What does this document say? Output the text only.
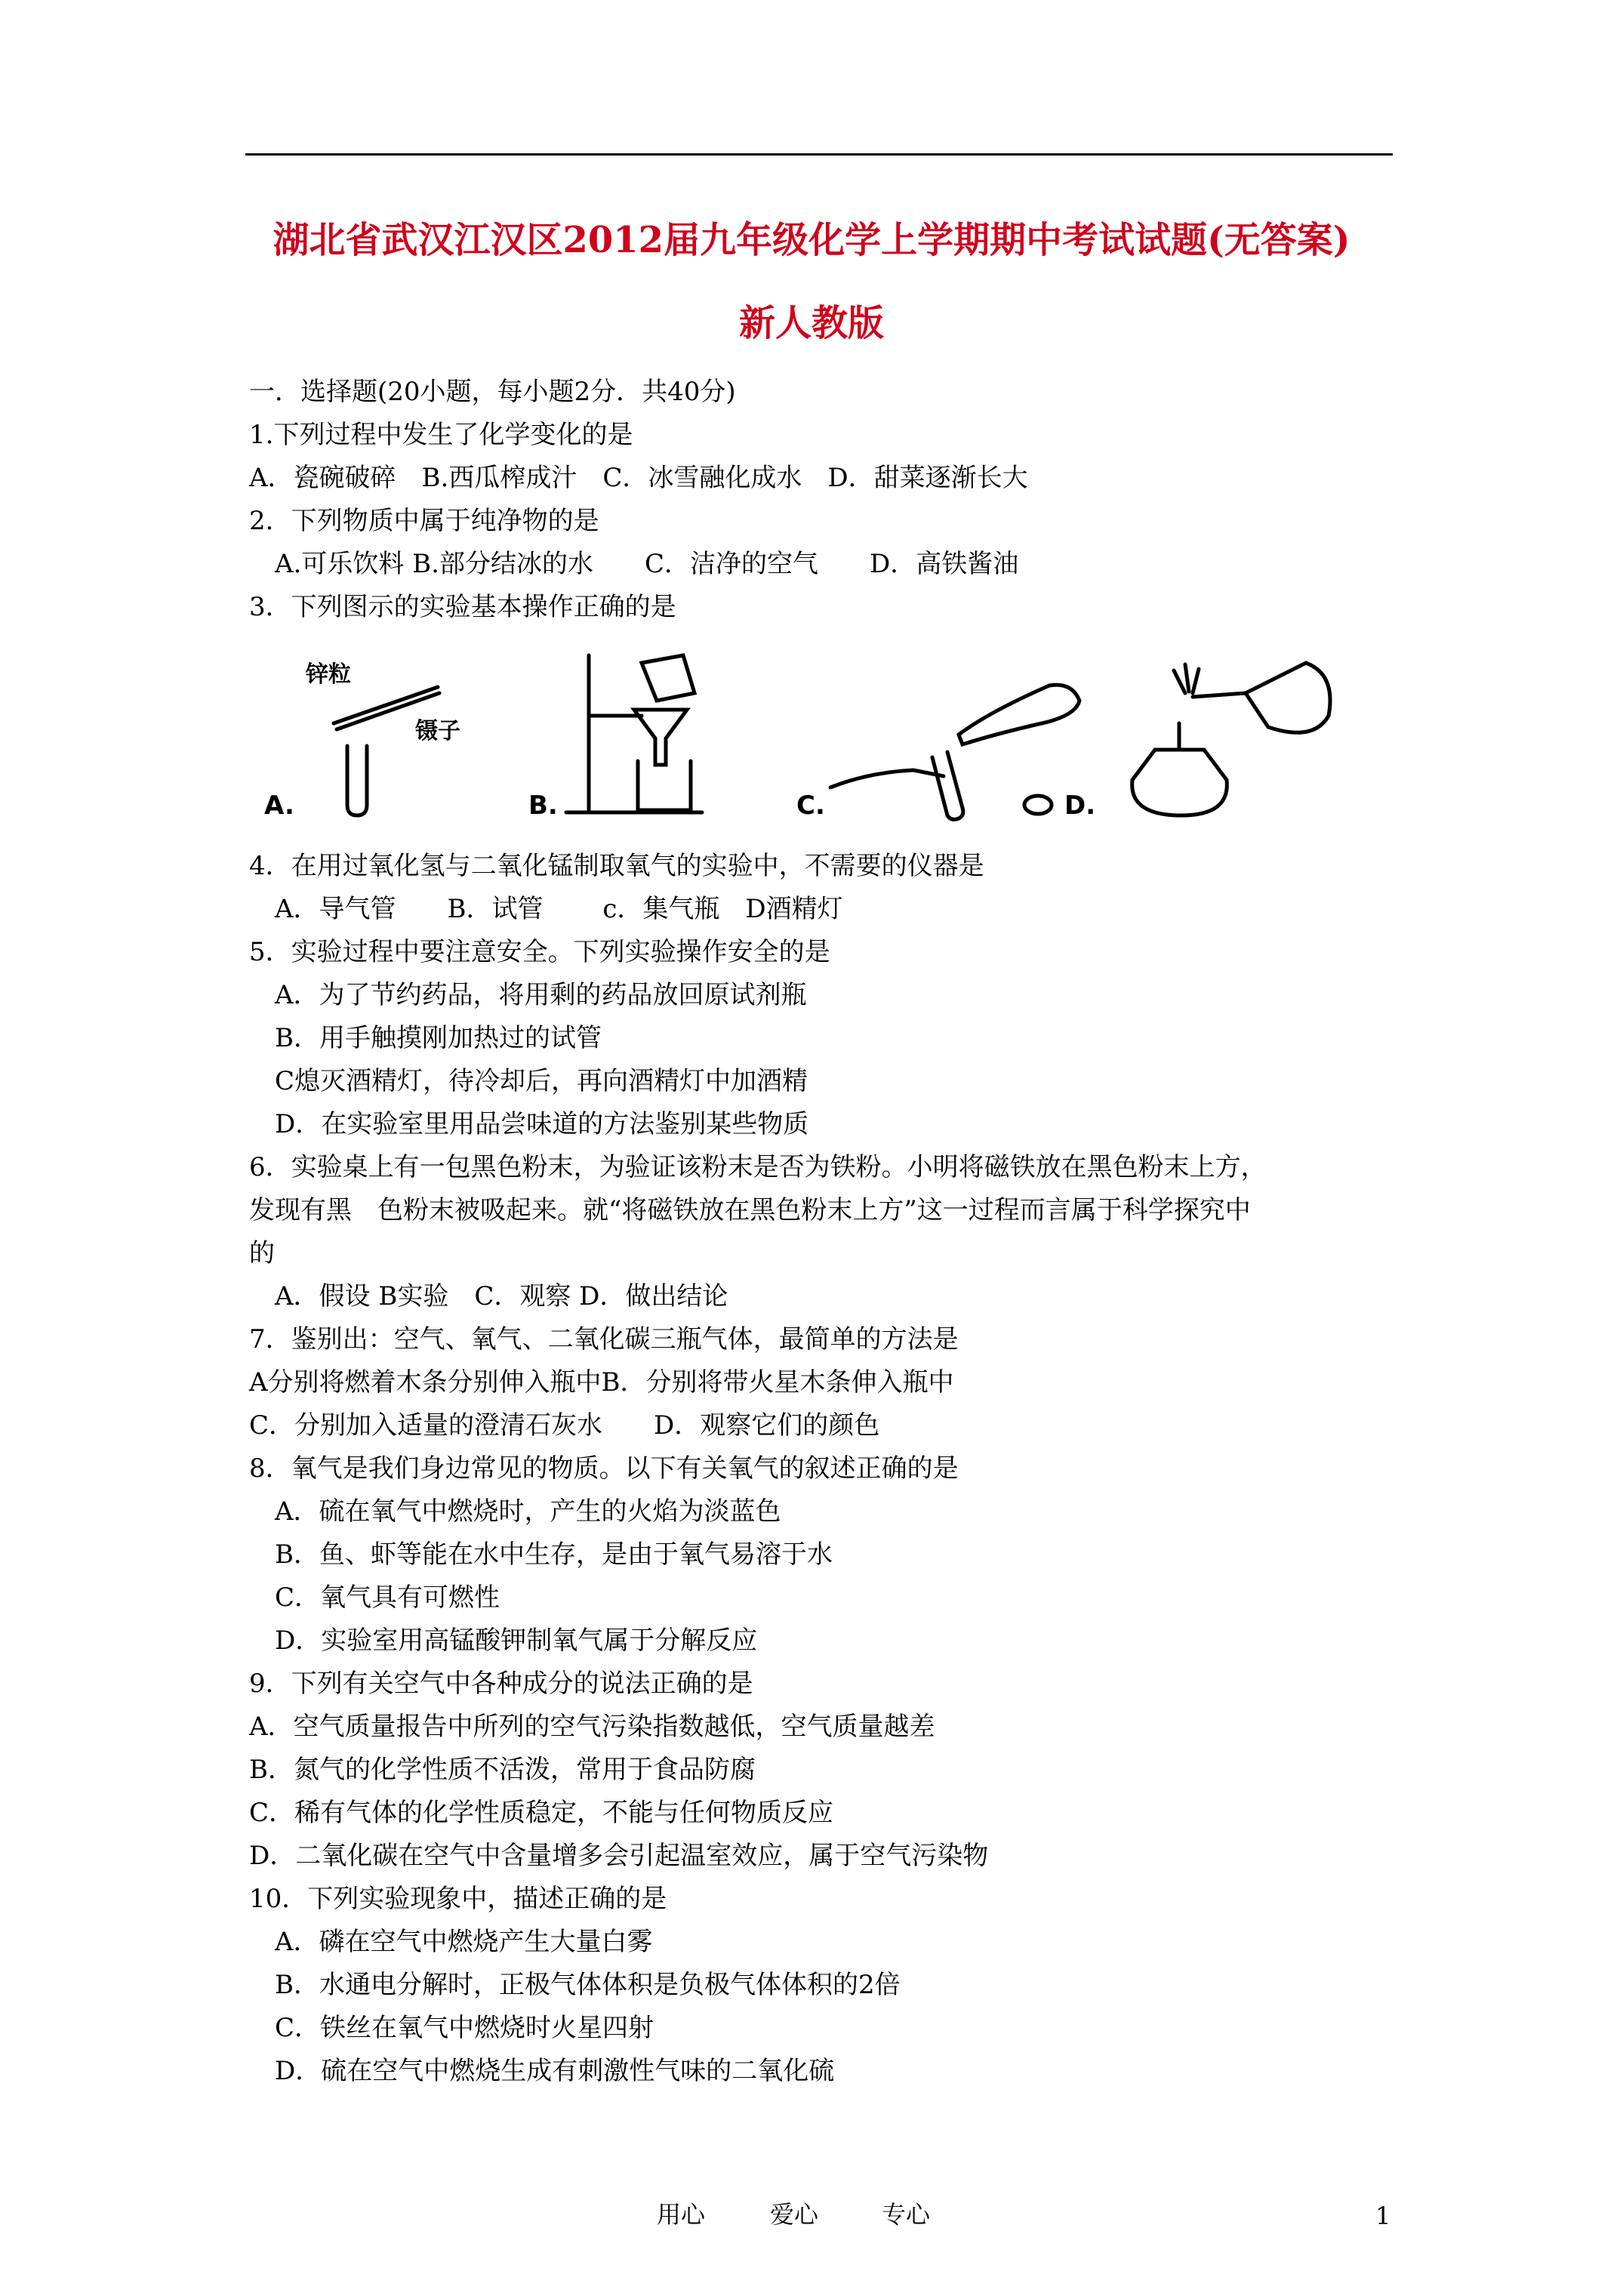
湖北省武汉江汉区2012届九年级化学上学期期中考试试题(无答案)
新人教版
一．选择题(20小题，每小题2分．共40分)
1.下列过程中发生了化学变化的是
A．瓷碗破碎　B.西瓜榨成汁　C．冰雪融化成水　D．甜菜逐渐长大
2．下列物质中属于纯净物的是
　A.可乐饮料 B.部分结冰的水　　C．洁净的空气　　D．高铁酱油
3．下列图示的实验基本操作正确的是
A.
锌粒
镊子
B.	C.	D.
4．在用过氧化氢与二氧化锰制取氧气的实验中，不需要的仪器是
　A．导气管　　B．试管　　 c．集气瓶　D酒精灯
5．实验过程中要注意安全。下列实验操作安全的是
　A．为了节约药品，将用剩的药品放回原试剂瓶
　B．用手触摸刚加热过的试管
　C熄灭酒精灯，待冷却后，再向酒精灯中加酒精
　D．在实验室里用品尝味道的方法鉴别某些物质
6．实验桌上有一包黑色粉末，为验证该粉末是否为铁粉。小明将磁铁放在黑色粉末上方，
发现有黑　色粉末被吸起来。就“将磁铁放在黑色粉末上方”这一过程而言属于科学探究中
的
　A．假设 B实验　C．观察 D．做出结论
7．鉴别出：空气、氧气、二氧化碳三瓶气体，最简单的方法是
A分别将燃着木条分别伸入瓶中B．分别将带火星木条伸入瓶中
C．分别加入适量的澄清石灰水　　D．观察它们的颜色
8．氧气是我们身边常见的物质。以下有关氧气的叙述正确的是
　A．硫在氧气中燃烧时，产生的火焰为淡蓝色
　B．鱼、虾等能在水中生存，是由于氧气易溶于水
　C．氧气具有可燃性
　D．实验室用高锰酸钾制氧气属于分解反应
9．下列有关空气中各种成分的说法正确的是
A．空气质量报告中所列的空气污染指数越低，空气质量越差
B．氮气的化学性质不活泼，常用于食品防腐
C．稀有气体的化学性质稳定，不能与任何物质反应
D．二氧化碳在空气中含量增多会引起温室效应，属于空气污染物
10．下列实验现象中，描述正确的是
　A．磷在空气中燃烧产生大量白雾
　B．水通电分解时，正极气体体积是负极气体体积的2倍
　C．铁丝在氧气中燃烧时火星四射
　D．硫在空气中燃烧生成有刺激性气味的二氧化硫
用心	爱心	专心	1
